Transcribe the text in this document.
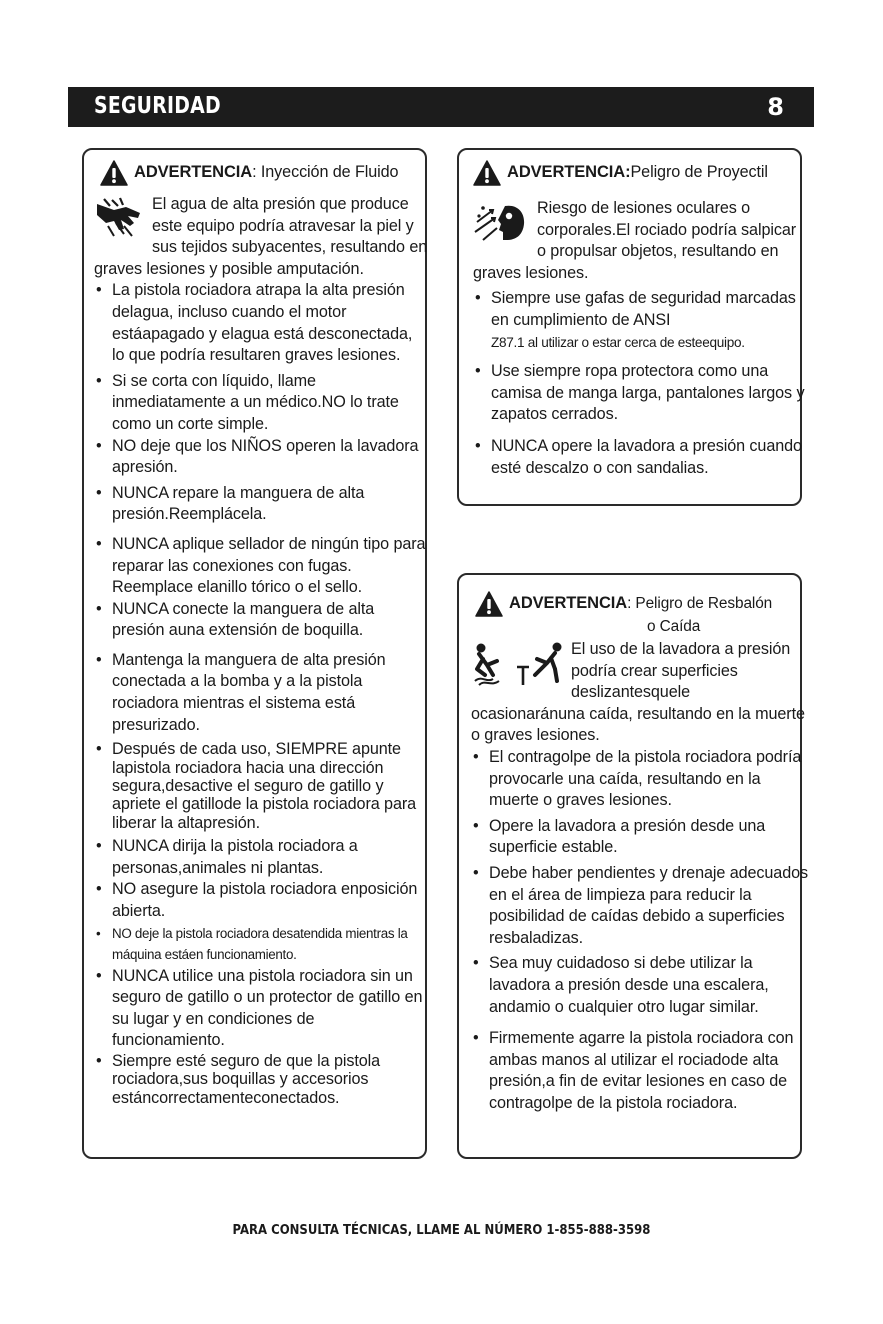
SEGURIDAD	8
ADVERTENCIA : Inyección de Fluido
El agua de alta presión que produce este equipo podría atravesar la piel y sus tejidos subyacentes, resultando en graves lesiones y posible amputación.
• La pistola rociadora atrapa la alta presión delagua, incluso cuando el motor estáapagado y elagua está desconectada, lo que podría resultaren graves lesiones.
• Si se corta con líquido, llame inmediatamente a un médico.NO lo trate como un corte simple.
• NO deje que los NIÑOS operen la lavadora apresión.
• NUNCA repare la manguera de alta presión.Reemplácela.
• NUNCA aplique sellador de ningún tipo para reparar las conexiones con fugas. Reemplace elanillo tórico o el sello.
• NUNCA conecte la manguera de alta presión auna extensión de boquilla.
• Mantenga la manguera de alta presión conectada a la bomba y a la pistola rociadora mientras el sistema está presurizado.
• Después de cada uso, SIEMPRE apunte lapistola rociadora hacia una dirección segura,desactive el seguro de gatillo y apriete el gatillode la pistola rociadora para liberar la altapresión.
• NUNCA dirija la pistola rociadora a personas,animales ni plantas.
• NO asegure la pistola rociadora enposición abierta.
• NO deje la pistola rociadora desatendida mientras la máquina estáen funcionamiento.
• NUNCA utilice una pistola rociadora sin un seguro de gatillo o un protector de gatillo en su lugar y en condiciones de funcionamiento.
• Siempre esté seguro de que la pistola rociadora,sus boquillas y accesorios estáncorrectamenteconectados.
ADVERTENCIA: Peligro de Proyectil
Riesgo de lesiones oculares o corporales.El rociado podría salpicar o propulsar objetos, resultando en graves lesiones.
• Siempre use gafas de seguridad marcadas en cumplimiento de ANSI
Z87.1 al utilizar o estar cerca de esteequipo.
• Use siempre ropa protectora como una camisa de manga larga, pantalones largos y zapatos cerrados.
• NUNCA opere la lavadora a presión cuando esté descalzo o con sandalias.
ADVERTENCIA : Peligro de Resbalón
o Caída
El uso de la lavadora a presión podría crear superficies deslizantesquele ocasionaránuna caída, resultando en la muerte o graves lesiones.
• El contragolpe de la pistola rociadora podría provocarle una caída, resultando en la muerte o graves lesiones.
• Opere la lavadora a presión desde una superficie estable.
• Debe haber pendientes y drenaje adecuados en el área de limpieza para reducir la posibilidad de caídas debido a superficies resbaladizas.
• Sea muy cuidadoso si debe utilizar la lavadora a presión desde una escalera, andamio o cualquier otro lugar similar.
• Firmemente agarre la pistola rociadora con ambas manos al utilizar el rociadode alta presión,a fin de evitar lesiones en caso de contragolpe de la pistola rociadora.
PARA CONSULTA TÉCNICAS, LLAME AL NÚMERO 1-855-888-3598
